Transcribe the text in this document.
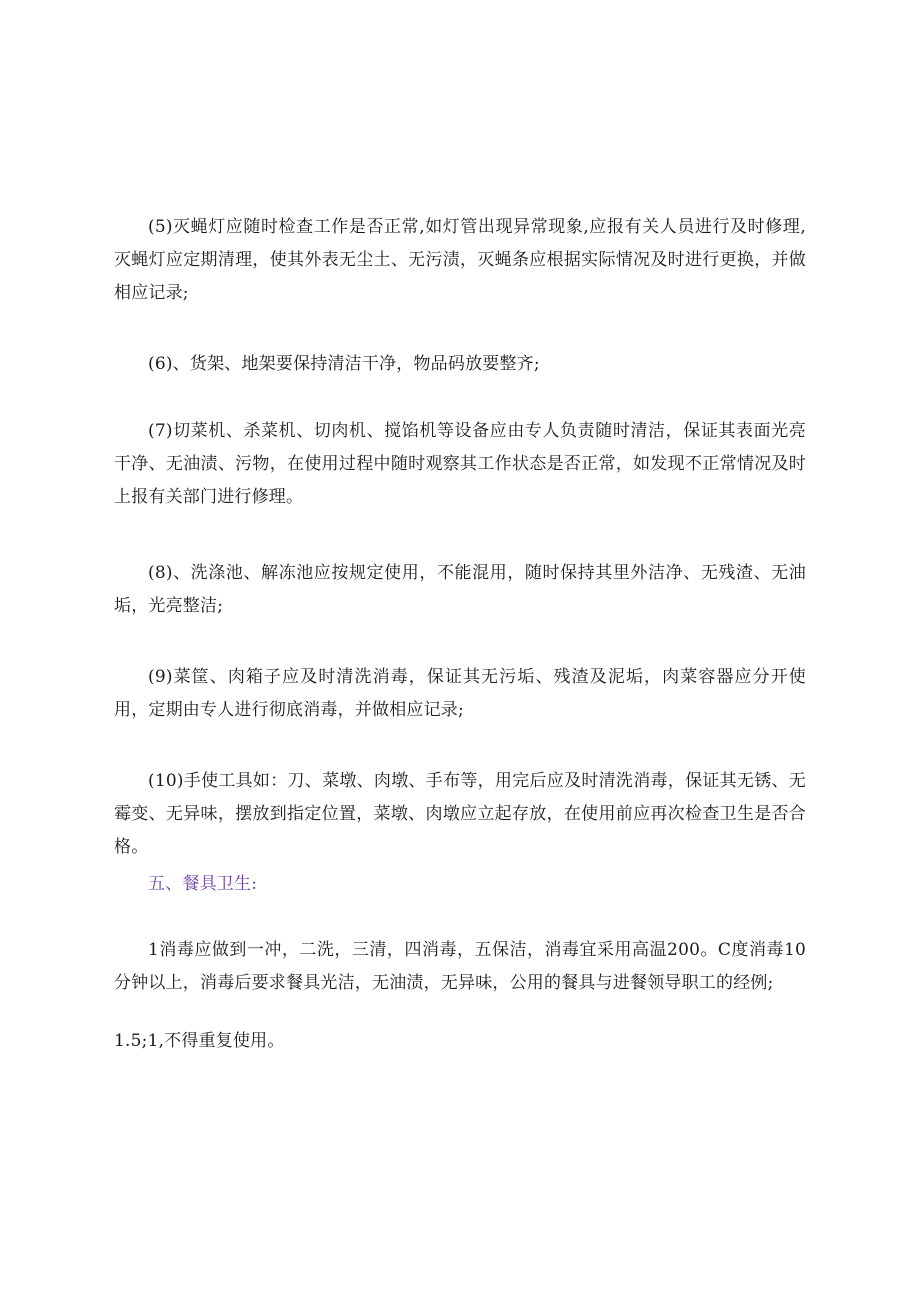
(5)灭蝇灯应随时检查工作是否正常,如灯管出现异常现象,应报有关人员进行及时修理,灭蝇灯应定期清理，使其外表无尘土、无污渍，灭蝇条应根据实际情况及时进行更换，并做相应记录;

(6)、货架、地架要保持清洁干净，物品码放要整齐;

(7)切菜机、杀菜机、切肉机、搅馅机等设备应由专人负责随时清洁，保证其表面光亮干净、无油渍、污物，在使用过程中随时观察其工作状态是否正常，如发现不正常情况及时上报有关部门进行修理。

(8)、洗涤池、解冻池应按规定使用，不能混用，随时保持其里外洁净、无残渣、无油垢，光亮整洁;

(9)菜筐、肉箱子应及时清洗消毒，保证其无污垢、残渣及泥垢，肉菜容器应分开使用，定期由专人进行彻底消毒，并做相应记录;

(10)手使工具如：刀、菜墩、肉墩、手布等，用完后应及时清洗消毒，保证其无锈、无霉变、无异味，摆放到指定位置，菜墩、肉墩应立起存放，在使用前应再次检查卫生是否合格。

五、餐具卫生:

1消毒应做到一冲，二洗，三清，四消毒，五保洁，消毒宜采用高温200。C度消毒10分钟以上，消毒后要求餐具光洁，无油渍，无异味，公用的餐具与进餐领导职工的经例;

1.5;1,不得重复使用。
